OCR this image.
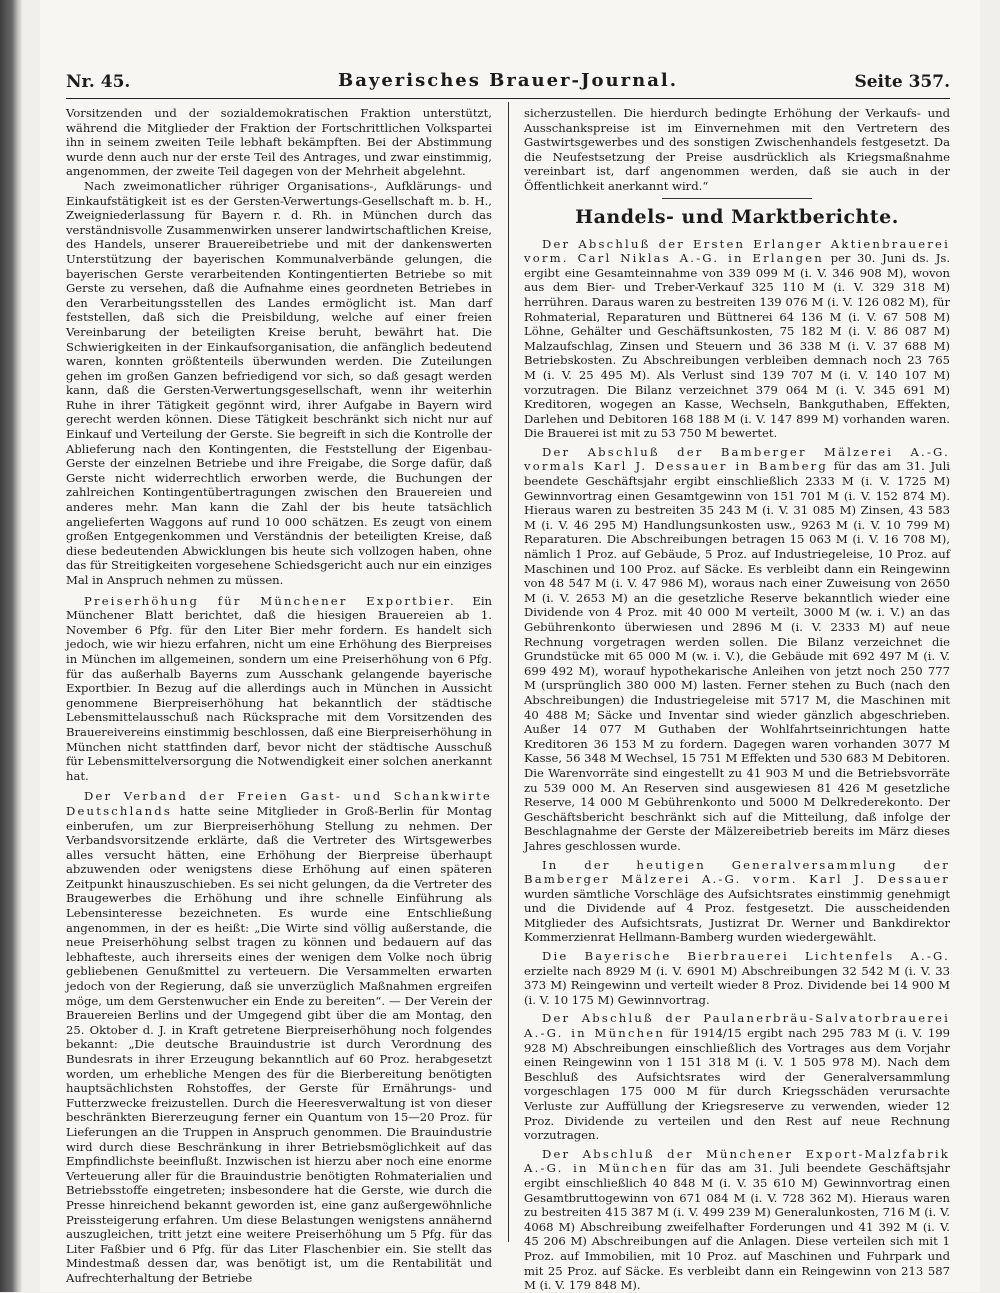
Nr. 45.	Bayerisches Brauer-Journal.	Seite 357.

Vorsitzenden und der sozialdemokratischen Fraktion unterstützt, während die Mitglieder der Fraktion der Fortschrittlichen Volkspartei ihn in seinem zweiten Teile lebhaft bekämpften. Bei der Abstimmung wurde denn auch nur der erste Teil des Antrages, und zwar einstimmig, angenommen, der zweite Teil dagegen von der Mehrheit abgelehnt.

Nach zweimonatlicher rühriger Organisations-, Aufklärungs- und Einkaufstätigkeit ist es der Gersten-Verwertungs-Gesellschaft m. b. H., Zweigniederlassung für Bayern r. d. Rh. in München durch das verständnisvolle Zusammenwirken unserer landwirtschaftlichen Kreise, des Handels, unserer Brauereibetriebe und mit der dankenswerten Unterstützung der bayerischen Kommunalverbände gelungen, die bayerischen Gerste verarbeitenden Kontingentierten Betriebe so mit Gerste zu versehen, daß die Aufnahme eines geordneten Betriebes in den Verarbeitungsstellen des Landes ermöglicht ist. Man darf feststellen, daß sich die Preisbildung, welche auf einer freien Vereinbarung der beteiligten Kreise beruht, bewährt hat. Die Schwierigkeiten in der Einkaufsorganisation, die anfänglich bedeutend waren, konnten größtenteils überwunden werden. Die Zuteilungen gehen im großen Ganzen befriedigend vor sich, so daß gesagt werden kann, daß die Gersten-Verwertungsgesellschaft, wenn ihr weiterhin Ruhe in ihrer Tätigkeit gegönnt wird, ihrer Aufgabe in Bayern wird gerecht werden können. Diese Tätigkeit beschränkt sich nicht nur auf Einkauf und Verteilung der Gerste. Sie begreift in sich die Kontrolle der Ablieferung nach den Kontingenten, die Feststellung der Eigenbau-Gerste der einzelnen Betriebe und ihre Freigabe, die Sorge dafür, daß Gerste nicht widerrechtlich erworben werde, die Buchungen der zahlreichen Kontingentübertragungen zwischen den Brauereien und anderes mehr. Man kann die Zahl der bis heute tatsächlich angelieferten Waggons auf rund 10 000 schätzen. Es zeugt von einem großen Entgegenkommen und Verständnis der beteiligten Kreise, daß diese bedeutenden Abwicklungen bis heute sich vollzogen haben, ohne das für Streitigkeiten vorgesehene Schiedsgericht auch nur ein einziges Mal in Anspruch nehmen zu müssen.

Preiserhöhung für Münchener Exportbier. Ein Münchener Blatt berichtet, daß die hiesigen Brauereien ab 1. November 6 Pfg. für den Liter Bier mehr fordern. Es handelt sich jedoch, wie wir hiezu erfahren, nicht um eine Erhöhung des Bierpreises in München im allgemeinen, sondern um eine Preiserhöhung von 6 Pfg. für das außerhalb Bayerns zum Ausschank gelangende bayerische Exportbier. In Bezug auf die allerdings auch in München in Aussicht genommene Bierpreiserhöhung hat bekanntlich der städtische Lebensmittelausschuß nach Rücksprache mit dem Vorsitzenden des Brauereivereins einstimmig beschlossen, daß eine Bierpreiserhöhung in München nicht stattfinden darf, bevor nicht der städtische Ausschuß für Lebensmittelversorgung die Notwendigkeit einer solchen anerkannt hat.

Der Verband der Freien Gast- und Schankwirte Deutschlands hatte seine Mitglieder in Groß-Berlin für Montag einberufen, um zur Bierpreiserhöhung Stellung zu nehmen. Der Verbandsvorsitzende erklärte, daß die Vertreter des Wirtsgewerbes alles versucht hätten, eine Erhöhung der Bierpreise überhaupt abzuwenden oder wenigstens diese Erhöhung auf einen späteren Zeitpunkt hinauszuschieben. Es sei nicht gelungen, da die Vertreter des Braugewerbes die Erhöhung und ihre schnelle Einführung als Lebensinteresse bezeichneten. Es wurde eine Entschließung angenommen, in der es heißt: „Die Wirte sind völlig außerstande, die neue Preiserhöhung selbst tragen zu können und bedauern auf das lebhafteste, auch ihrerseits eines der wenigen dem Volke noch übrig gebliebenen Genußmittel zu verteuern. Die Versammelten erwarten jedoch von der Regierung, daß sie unverzüglich Maßnahmen ergreifen möge, um dem Gerstenwucher ein Ende zu bereiten“. — Der Verein der Brauereien Berlins und der Umgegend gibt über die am Montag, den 25. Oktober d. J. in Kraft getretene Bierpreiserhöhung noch folgendes bekannt: „Die deutsche Brauindustrie ist durch Verordnung des Bundesrats in ihrer Erzeugung bekanntlich auf 60 Proz. herabgesetzt worden, um erhebliche Mengen des für die Bierbereitung benötigten hauptsächlichsten Rohstoffes, der Gerste für Ernährungs- und Futterzwecke freizustellen. Durch die Heeresverwaltung ist von dieser beschränkten Biererzeugung ferner ein Quantum von 15—20 Proz. für Lieferungen an die Truppen in Anspruch genommen. Die Brauindustrie wird durch diese Beschränkung in ihrer Betriebsmöglichkeit auf das Empfindlichste beeinflußt. Inzwischen ist hierzu aber noch eine enorme Verteuerung aller für die Brauindustrie benötigten Rohmaterialien und Betriebsstoffe eingetreten; insbesondere hat die Gerste, wie durch die Presse hinreichend bekannt geworden ist, eine ganz außergewöhnliche Preissteigerung erfahren. Um diese Belastungen wenigstens annähernd auszugleichen, tritt jetzt eine weitere Preiserhöhung um 5 Pfg. für das Liter Faßbier und 6 Pfg. für das Liter Flaschenbier ein. Sie stellt das Mindestmaß dessen dar, was benötigt ist, um die Rentabilität und Aufrechterhaltung der Betriebe

sicherzustellen. Die hierdurch bedingte Erhöhung der Verkaufs- und Ausschankspreise ist im Einvernehmen mit den Vertretern des Gastwirtsgewerbes und des sonstigen Zwischenhandels festgesetzt. Da die Neufestsetzung der Preise ausdrücklich als Kriegsmaßnahme vereinbart ist, darf angenommen werden, daß sie auch in der Öffentlichkeit anerkannt wird.“

Handels- und Marktberichte.

Der Abschluß der Ersten Erlanger Aktienbrauerei vorm. Carl Niklas A.-G. in Erlangen per 30. Juni ds. Js. ergibt eine Gesamteinnahme von 339 099 M (i. V. 346 908 M), wovon aus dem Bier- und Treber-Verkauf 325 110 M (i. V. 329 318 M) herrühren. Daraus waren zu bestreiten 139 076 M (i. V. 126 082 M), für Rohmaterial, Reparaturen und Büttnerei 64 136 M (i. V. 67 508 M) Löhne, Gehälter und Geschäftsunkosten, 75 182 M (i. V. 86 087 M) Malzaufschlag, Zinsen und Steuern und 36 338 M (i. V. 37 688 M) Betriebskosten. Zu Abschreibungen verbleiben demnach noch 23 765 M (i. V. 25 495 M). Als Verlust sind 139 707 M (i. V. 140 107 M) vorzutragen. Die Bilanz verzeichnet 379 064 M (i. V. 345 691 M) Kreditoren, wogegen an Kasse, Wechseln, Bankguthaben, Effekten, Darlehen und Debitoren 168 188 M (i. V. 147 899 M) vorhanden waren. Die Brauerei ist mit zu 53 750 M bewertet.

Der Abschluß der Bamberger Mälzerei A.-G. vormals Karl J. Dessauer in Bamberg für das am 31. Juli beendete Geschäftsjahr ergibt einschließlich 2333 M (i. V. 1725 M) Gewinnvortrag einen Gesamtgewinn von 151 701 M (i. V. 152 874 M). Hieraus waren zu bestreiten 35 243 M (i. V. 31 085 M) Zinsen, 43 583 M (i. V. 46 295 M) Handlungsunkosten usw., 9263 M (i. V. 10 799 M) Reparaturen. Die Abschreibungen betragen 15 063 M (i. V. 16 708 M), nämlich 1 Proz. auf Gebäude, 5 Proz. auf Industriegeleise, 10 Proz. auf Maschinen und 100 Proz. auf Säcke. Es verbleibt dann ein Reingewinn von 48 547 M (i. V. 47 986 M), woraus nach einer Zuweisung von 2650 M (i. V. 2653 M) an die gesetzliche Reserve bekanntlich wieder eine Dividende von 4 Proz. mit 40 000 M verteilt, 3000 M (w. i. V.) an das Gebührenkonto überwiesen und 2896 M (i. V. 2333 M) auf neue Rechnung vorgetragen werden sollen. Die Bilanz verzeichnet die Grundstücke mit 65 000 M (w. i. V.), die Gebäude mit 692 497 M (i. V. 699 492 M), worauf hypothekarische Anleihen von jetzt noch 250 777 M (ursprünglich 380 000 M) lasten. Ferner stehen zu Buch (nach den Abschreibungen) die Industriegeleise mit 5717 M, die Maschinen mit 40 488 M; Säcke und Inventar sind wieder gänzlich abgeschrieben. Außer 14 077 M Guthaben der Wohlfahrtseinrichtungen hatte Kreditoren 36 153 M zu fordern. Dagegen waren vorhanden 3077 M Kasse, 56 348 M Wechsel, 15 751 M Effekten und 530 683 M Debitoren. Die Warenvorräte sind eingestellt zu 41 903 M und die Betriebsvorräte zu 539 000 M. An Reserven sind ausgewiesen 81 426 M gesetzliche Reserve, 14 000 M Gebührenkonto und 5000 M Delkrederekonto. Der Geschäftsbericht beschränkt sich auf die Mitteilung, daß infolge der Beschlagnahme der Gerste der Mälzereibetrieb bereits im März dieses Jahres geschlossen wurde.

In der heutigen Generalversammlung der Bamberger Mälzerei A.-G. vorm. Karl J. Dessauer wurden sämtliche Vorschläge des Aufsichtsrates einstimmig genehmigt und die Dividende auf 4 Proz. festgesetzt. Die ausscheidenden Mitglieder des Aufsichtsrats, Justizrat Dr. Werner und Bankdirektor Kommerzienrat Hellmann-Bamberg wurden wiedergewählt.

Die Bayerische Bierbrauerei Lichtenfels A.-G. erzielte nach 8929 M (i. V. 6901 M) Abschreibungen 32 542 M (i. V. 33 373 M) Reingewinn und verteilt wieder 8 Proz. Dividende bei 14 900 M (i. V. 10 175 M) Gewinnvortrag.

Der Abschluß der Paulanerbräu-Salvatorbrauerei A.-G. in München für 1914/15 ergibt nach 295 783 M (i. V. 199 928 M) Abschreibungen einschließlich des Vortrages aus dem Vorjahr einen Reingewinn von 1 151 318 M (i. V. 1 505 978 M). Nach dem Beschluß des Aufsichtsrates wird der Generalversammlung vorgeschlagen 175 000 M für durch Kriegsschäden verursachte Verluste zur Auffüllung der Kriegsreserve zu verwenden, wieder 12 Proz. Dividende zu verteilen und den Rest auf neue Rechnung vorzutragen.

Der Abschluß der Münchener Export-Malzfabrik A.-G. in München für das am 31. Juli beendete Geschäftsjahr ergibt einschließlich 40 848 M (i. V. 35 610 M) Gewinnvortrag einen Gesamtbruttogewinn von 671 084 M (i. V. 728 362 M). Hieraus waren zu bestreiten 415 387 M (i. V. 499 239 M) Generalunkosten, 716 M (i. V. 4068 M) Abschreibung zweifelhafter Forderungen und 41 392 M (i. V. 45 206 M) Abschreibungen auf die Anlagen. Diese verteilen sich mit 1 Proz. auf Immobilien, mit 10 Proz. auf Maschinen und Fuhrpark und mit 25 Proz. auf Säcke. Es verbleibt dann ein Reingewinn von 213 587 M (i. V. 179 848 M).
